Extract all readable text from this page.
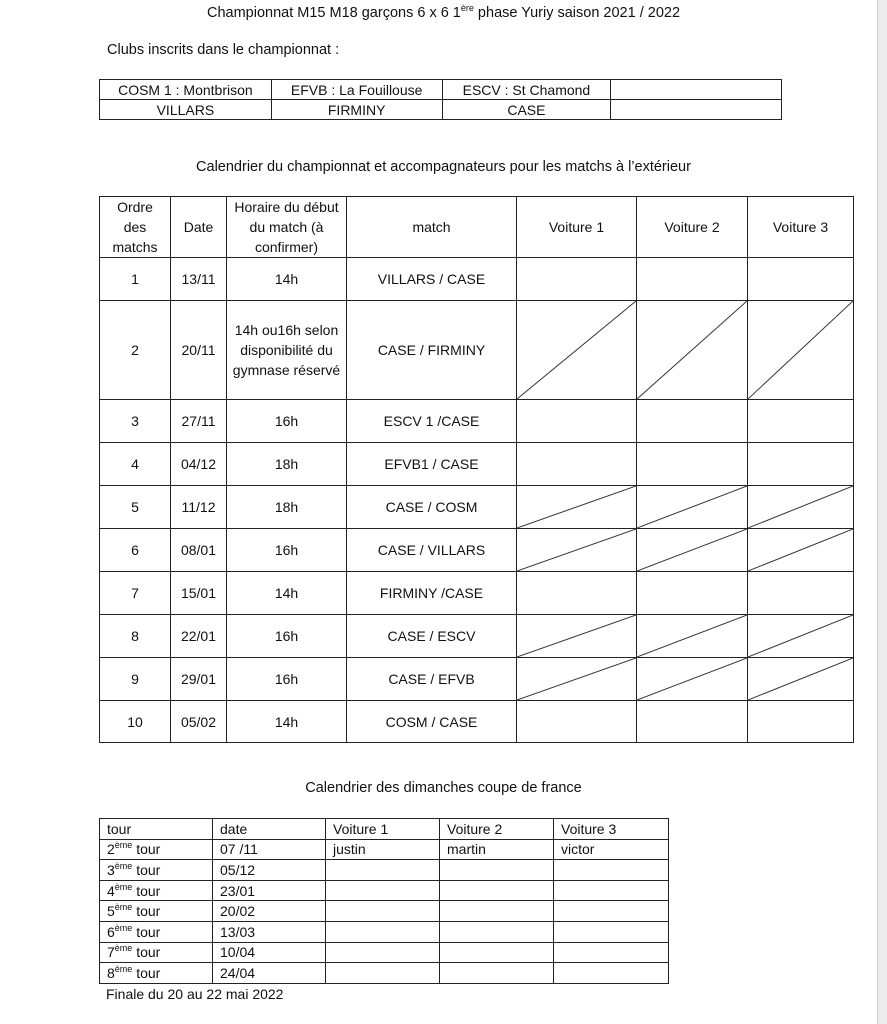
Championnat M15 M18 garçons 6 x 6 1ère phase Yuriy saison 2021 / 2022
Clubs inscrits dans le championnat :
COSM 1 : Montbrison	EFVB : La Fouillouse	ESCV : St Chamond	
VILLARS	FIRMINY	CASE	
Calendrier du championnat et accompagnateurs pour les matchs à l’extérieur
Ordre des matchs	Date	Horaire du début du match (à confirmer)	match	Voiture 1	Voiture 2	Voiture 3
1	13/11	14h	VILLARS / CASE			
2	20/11	14h ou16h selon disponibilité du gymnase réservé	CASE / FIRMINY	

3	27/11	16h	ESCV 1 /CASE			
4	04/12	18h	EFVB1 / CASE			
5	11/12	18h	CASE / COSM	

6	08/01	16h	CASE / VILLARS	

7	15/01	14h	FIRMINY /CASE			
8	22/01	16h	CASE / ESCV	

9	29/01	16h	CASE / EFVB	

10	05/02	14h	COSM / CASE			
Calendrier des dimanches coupe de france
tour	date	Voiture 1	Voiture 2	Voiture 3
2ème tour	07 /11	justin	martin	victor
3ème tour	05/12			
4ème tour	23/01			
5ème tour	20/02			
6ème tour	13/03			
7ème tour	10/04			
8ème tour	24/04			
Finale du 20 au 22 mai 2022
